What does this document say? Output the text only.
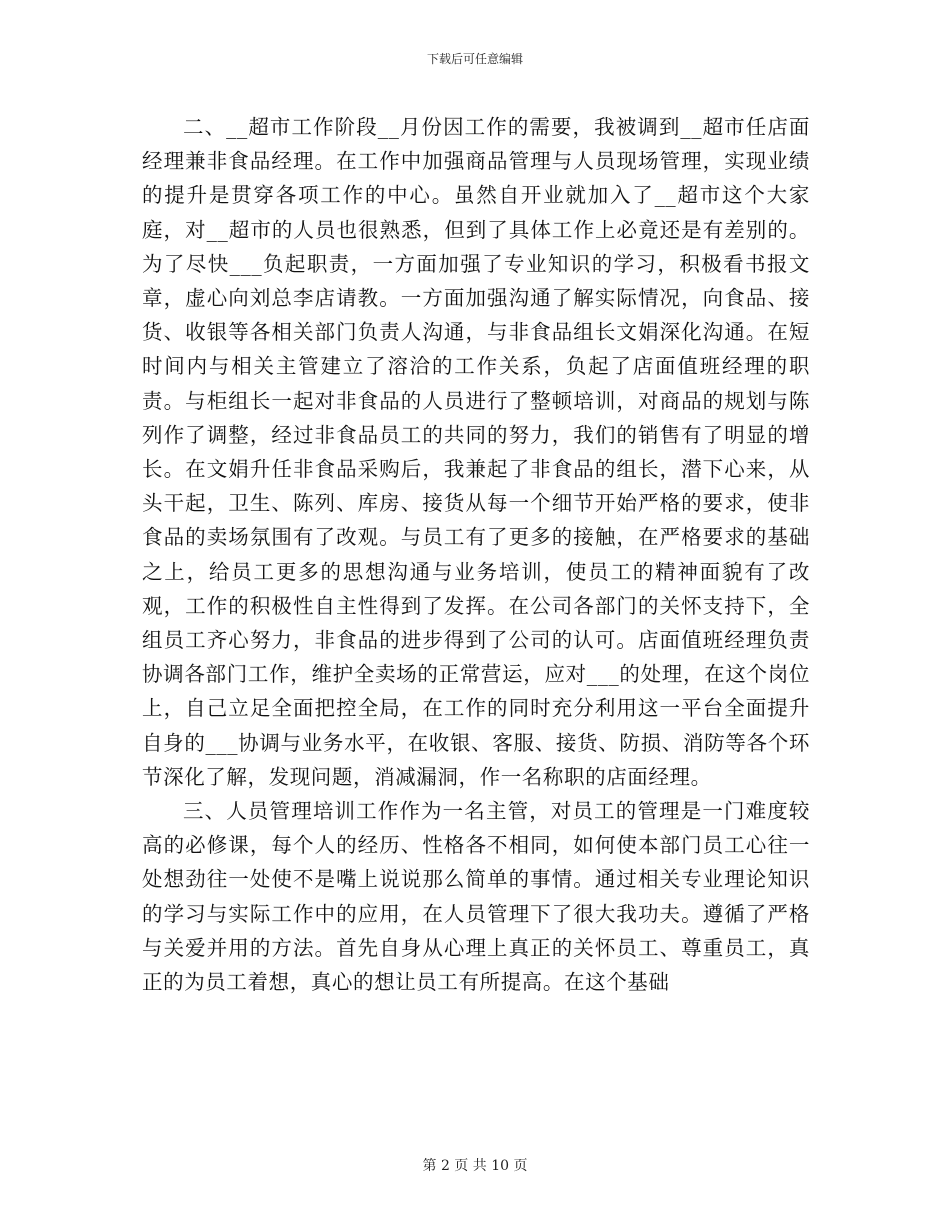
下载后可任意编辑

二、__超市工作阶段__月份因工作的需要，我被调到__超市任店面经理兼非食品经理。在工作中加强商品管理与人员现场管理，实现业绩的提升是贯穿各项工作的中心。虽然自开业就加入了__超市这个大家庭，对__超市的人员也很熟悉，但到了具体工作上必竟还是有差别的。为了尽快___负起职责，一方面加强了专业知识的学习，积极看书报文章，虚心向刘总李店请教。一方面加强沟通了解实际情况，向食品、接货、收银等各相关部门负责人沟通，与非食品组长文娟深化沟通。在短时间内与相关主管建立了溶洽的工作关系，负起了店面值班经理的职责。与柜组长一起对非食品的人员进行了整顿培训，对商品的规划与陈列作了调整，经过非食品员工的共同的努力，我们的销售有了明显的增长。在文娟升任非食品采购后，我兼起了非食品的组长，潜下心来，从头干起，卫生、陈列、库房、接货从每一个细节开始严格的要求，使非食品的卖场氛围有了改观。与员工有了更多的接触，在严格要求的基础之上，给员工更多的思想沟通与业务培训，使员工的精神面貌有了改观，工作的积极性自主性得到了发挥。在公司各部门的关怀支持下，全组员工齐心努力，非食品的进步得到了公司的认可。店面值班经理负责协调各部门工作，维护全卖场的正常营运，应对___的处理，在这个岗位上，自己立足全面把控全局，在工作的同时充分利用这一平台全面提升自身的___协调与业务水平，在收银、客服、接货、防损、消防等各个环节深化了解，发现问题，消减漏洞，作一名称职的店面经理。

三、人员管理培训工作作为一名主管，对员工的管理是一门难度较高的必修课，每个人的经历、性格各不相同，如何使本部门员工心往一处想劲往一处使不是嘴上说说那么简单的事情。通过相关专业理论知识的学习与实际工作中的应用，在人员管理下了很大我功夫。遵循了严格与关爱并用的方法。首先自身从心理上真正的关怀员工、尊重员工，真正的为员工着想，真心的想让员工有所提高。在这个基础

第 2 页 共 10 页
